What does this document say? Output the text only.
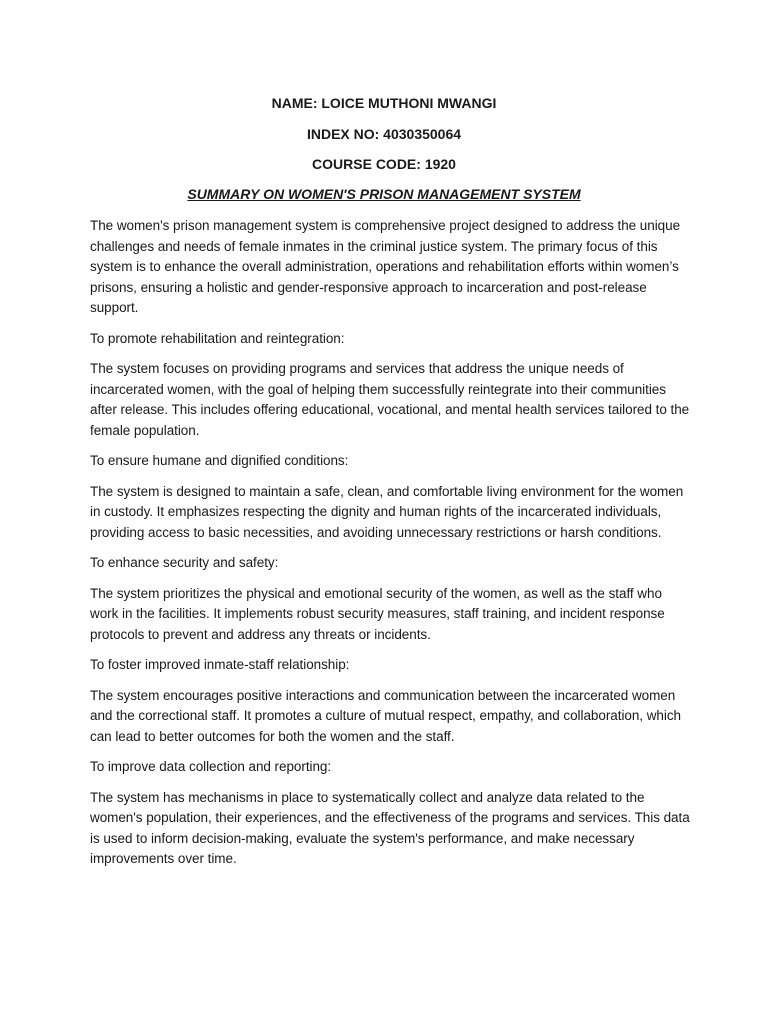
NAME: LOICE MUTHONI MWANGI

INDEX NO: 4030350064

COURSE CODE: 1920

SUMMARY ON WOMEN'S PRISON MANAGEMENT SYSTEM

The women's prison management system is comprehensive project designed to address the unique challenges and needs of female inmates in the criminal justice system. The primary focus of this system is to enhance the overall administration, operations and rehabilitation efforts within women’s prisons, ensuring a holistic and gender-responsive approach to incarceration and post-release support.

To promote rehabilitation and reintegration:

The system focuses on providing programs and services that address the unique needs of incarcerated women, with the goal of helping them successfully reintegrate into their communities after release. This includes offering educational, vocational, and mental health services tailored to the female population.

To ensure humane and dignified conditions:

The system is designed to maintain a safe, clean, and comfortable living environment for the women in custody. It emphasizes respecting the dignity and human rights of the incarcerated individuals, providing access to basic necessities, and avoiding unnecessary restrictions or harsh conditions.

To enhance security and safety:

The system prioritizes the physical and emotional security of the women, as well as the staff who work in the facilities. It implements robust security measures, staff training, and incident response protocols to prevent and address any threats or incidents.

To foster improved inmate-staff relationship:

The system encourages positive interactions and communication between the incarcerated women and the correctional staff. It promotes a culture of mutual respect, empathy, and collaboration, which can lead to better outcomes for both the women and the staff.

To improve data collection and reporting:

The system has mechanisms in place to systematically collect and analyze data related to the women's population, their experiences, and the effectiveness of the programs and services. This data is used to inform decision-making, evaluate the system's performance, and make necessary improvements over time.
